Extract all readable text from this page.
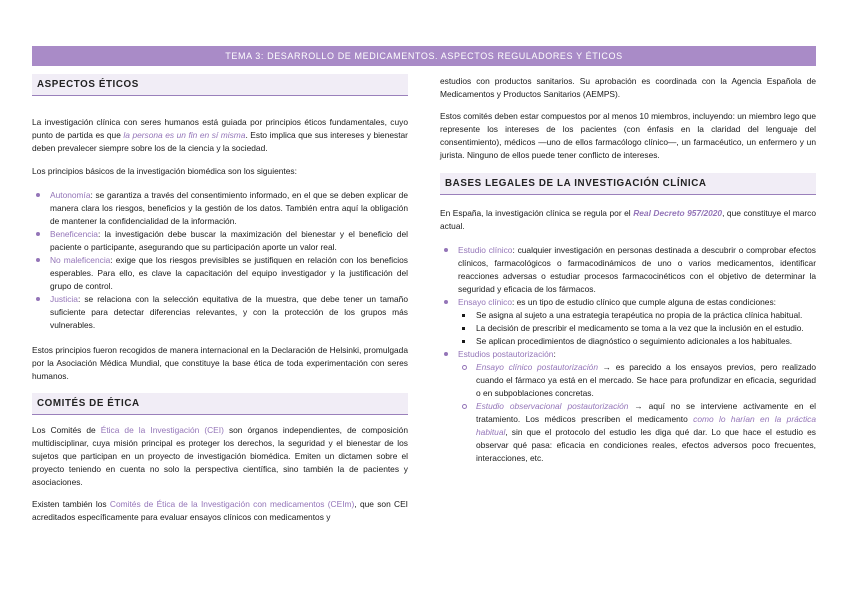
TEMA 3: DESARROLLO DE MEDICAMENTOS. ASPECTOS REGULADORES Y ÉTICOS
ASPECTOS ÉTICOS

La investigación clínica con seres humanos está guiada por principios éticos fundamentales, cuyo punto de partida es que la persona es un fin en sí misma. Esto implica que sus intereses y bienestar deben prevalecer siempre sobre los de la ciencia y la sociedad.

Los principios básicos de la investigación biomédica son los siguientes:

Autonomía: se garantiza a través del consentimiento informado, en el que se deben explicar de manera clara los riesgos, beneficios y la gestión de los datos. También entra aquí la obligación de mantener la confidencialidad de la información.
Beneficencia: la investigación debe buscar la maximización del bienestar y el beneficio del paciente o participante, asegurando que su participación aporte un valor real.
No maleficencia: exige que los riesgos previsibles se justifiquen en relación con los beneficios esperables. Para ello, es clave la capacitación del equipo investigador y la justificación del grupo de control.
Justicia: se relaciona con la selección equitativa de la muestra, que debe tener un tamaño suficiente para detectar diferencias relevantes, y con la protección de los grupos más vulnerables.

Estos principios fueron recogidos de manera internacional en la Declaración de Helsinki, promulgada por la Asociación Médica Mundial, que constituye la base ética de toda experimentación con seres humanos.

COMITÉS DE ÉTICA

Los Comités de Ética de la Investigación (CEI) son órganos independientes, de composición multidisciplinar, cuya misión principal es proteger los derechos, la seguridad y el bienestar de los sujetos que participan en un proyecto de investigación biomédica. Emiten un dictamen sobre el proyecto teniendo en cuenta no solo la perspectiva científica, sino también la de pacientes y asociaciones.

Existen también los Comités de Ética de la Investigación con medicamentos (CEIm), que son CEI acreditados específicamente para evaluar ensayos clínicos con medicamentos y

estudios con productos sanitarios. Su aprobación es coordinada con la Agencia Española de Medicamentos y Productos Sanitarios (AEMPS).

Estos comités deben estar compuestos por al menos 10 miembros, incluyendo: un miembro lego que represente los intereses de los pacientes (con énfasis en la claridad del lenguaje del consentimiento), médicos —uno de ellos farmacólogo clínico—, un farmacéutico, un enfermero y un jurista. Ninguno de ellos puede tener conflicto de intereses.

BASES LEGALES DE LA INVESTIGACIÓN CLÍNICA

En España, la investigación clínica se regula por el Real Decreto 957/2020, que constituye el marco actual.

Estudio clínico: cualquier investigación en personas destinada a descubrir o comprobar efectos clínicos, farmacológicos o farmacodinámicos de uno o varios medicamentos, identificar reacciones adversas o estudiar procesos farmacocinéticos con el objetivo de determinar la seguridad y eficacia de los fármacos.
Ensayo clínico: es un tipo de estudio clínico que cumple alguna de estas condiciones:
Se asigna al sujeto a una estrategia terapéutica no propia de la práctica clínica habitual.
La decisión de prescribir el medicamento se toma a la vez que la inclusión en el estudio.
Se aplican procedimientos de diagnóstico o seguimiento adicionales a los habituales.
Estudios postautorización:
Ensayo clínico postautorización → es parecido a los ensayos previos, pero realizado cuando el fármaco ya está en el mercado. Se hace para profundizar en eficacia, seguridad o en subpoblaciones concretas.
Estudio observacional postautorización → aquí no se interviene activamente en el tratamiento. Los médicos prescriben el medicamento como lo harían en la práctica habitual, sin que el protocolo del estudio les diga qué dar. Lo que hace el estudio es observar qué pasa: eficacia en condiciones reales, efectos adversos poco frecuentes, interacciones, etc.
